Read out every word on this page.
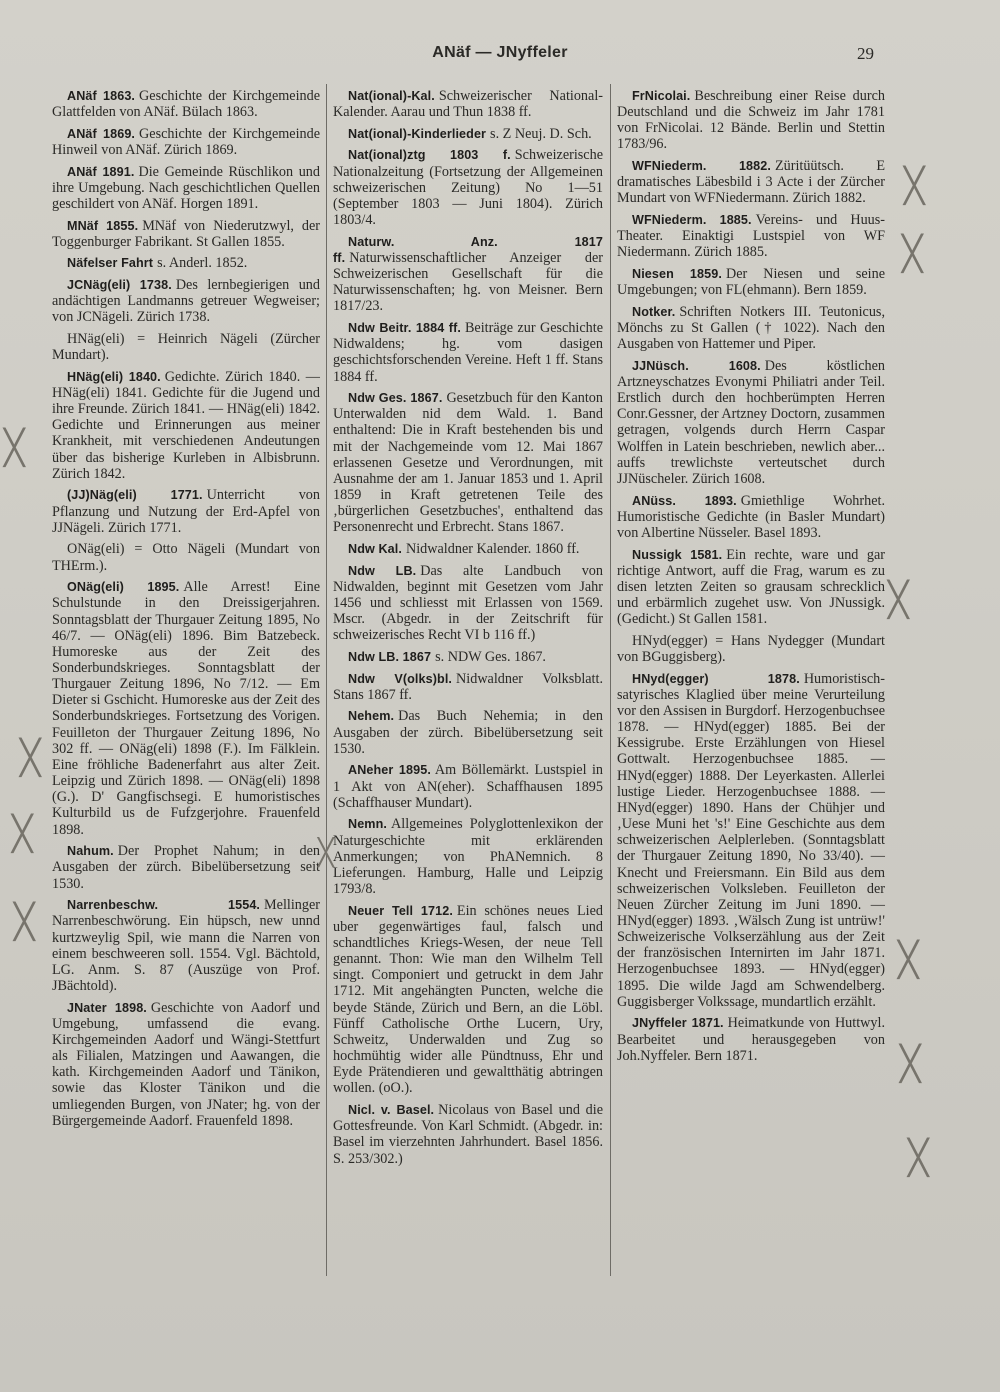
ANäf — JNyffeler	29

ANäf 1863. Geschichte der Kirchgemeinde Glattfelden von ANäf. Bülach 1863.

ANäf 1869. Geschichte der Kirchgemeinde Hinweil von ANäf. Zürich 1869.

ANäf 1891. Die Gemeinde Rüschlikon und ihre Umgebung. Nach geschichtlichen Quellen geschildert von ANäf. Horgen 1891.

MNäf 1855. MNäf von Niederutzwyl, der Toggenburger Fabrikant. St Gallen 1855.

Näfelser Fahrt s. Anderl. 1852.

JCNäg(eli) 1738. Des lernbegierigen und andächtigen Landmanns getreuer Wegweiser; von JCNägeli. Zürich 1738.

HNäg(eli) = Heinrich Nägeli (Zürcher Mundart).

HNäg(eli) 1840. Gedichte. Zürich 1840. — HNäg(eli) 1841. Gedichte für die Jugend und ihre Freunde. Zürich 1841. — HNäg(eli) 1842. Gedichte und Erinnerungen aus meiner Krankheit, mit verschiedenen Andeutungen über das bisherige Kurleben in Albisbrunn. Zürich 1842.

(JJ)Näg(eli) 1771. Unterricht von Pflanzung und Nutzung der Erd-Apfel von JJNägeli. Zürich 1771.

ONäg(eli) = Otto Nägeli (Mundart von THErm.).

ONäg(eli) 1895. Alle Arrest! Eine Schulstunde in den Dreissigerjahren. Sonntagsblatt der Thurgauer Zeitung 1895, No 46/7. — ONäg(eli) 1896. Bim Batzebeck. Humoreske aus der Zeit des Sonderbundskrieges. Sonntagsblatt der Thurgauer Zeitung 1896, No 7/12. — Em Dieter si Gschicht. Humoreske aus der Zeit des Sonderbundskrieges. Fortsetzung des Vorigen. Feuilleton der Thurgauer Zeitung 1896, No 302 ff. — ONäg(eli) 1898 (F.). Im Fälklein. Eine fröhliche Badenerfahrt aus alter Zeit. Leipzig und Zürich 1898. — ONäg(eli) 1898 (G.). D' Gangfischsegi. E humoristisches Kulturbild us de Fufzgerjohre. Frauenfeld 1898.

Nahum. Der Prophet Nahum; in den Ausgaben der zürch. Bibelübersetzung seit 1530.

Narrenbeschw. 1554. Mellinger Narrenbeschwörung. Ein hüpsch, new unnd kurtzweylig Spil, wie mann die Narren von einem beschweeren soll. 1554. Vgl. Bächtold, LG. Anm. S. 87 (Auszüge von Prof. JBächtold).

JNater 1898. Geschichte von Aadorf und Umgebung, umfassend die evang. Kirchgemeinden Aadorf und Wängi-Stettfurt als Filialen, Matzingen und Aawangen, die kath. Kirchgemeinden Aadorf und Tänikon, sowie das Kloster Tänikon und die umliegenden Burgen, von JNater; hg. von der Bürgergemeinde Aadorf. Frauenfeld 1898.

Nat(ional)-Kal. Schweizerischer National-Kalender. Aarau und Thun 1838 ff.

Nat(ional)-Kinderlieder s. Z Neuj. D. Sch.

Nat(ional)ztg 1803 f. Schweizerische Nationalzeitung (Fortsetzung der Allgemeinen schweizerischen Zeitung) No 1—51 (September 1803 — Juni 1804). Zürich 1803/4.

Naturw. Anz. 1817 ff. Naturwissenschaftlicher Anzeiger der Schweizerischen Gesellschaft für die Naturwissenschaften; hg. von Meisner. Bern 1817/23.

Ndw Beitr. 1884 ff. Beiträge zur Geschichte Nidwaldens; hg. vom dasigen geschichtsforschenden Vereine. Heft 1 ff. Stans 1884 ff.

Ndw Ges. 1867. Gesetzbuch für den Kanton Unterwalden nid dem Wald. 1. Band enthaltend: Die in Kraft bestehenden bis und mit der Nachgemeinde vom 12. Mai 1867 erlassenen Gesetze und Verordnungen, mit Ausnahme der am 1. Januar 1853 und 1. April 1859 in Kraft getretenen Teile des ‚bürgerlichen Gesetzbuches', enthaltend das Personenrecht und Erbrecht. Stans 1867.

Ndw Kal. Nidwaldner Kalender. 1860 ff.

Ndw LB. Das alte Landbuch von Nidwalden, beginnt mit Gesetzen vom Jahr 1456 und schliesst mit Erlassen von 1569. Mscr. (Abgedr. in der Zeitschrift für schweizerisches Recht VI b 116 ff.)

Ndw LB. 1867 s. NDW Ges. 1867.

Ndw V(olks)bl. Nidwaldner Volksblatt. Stans 1867 ff.

Nehem. Das Buch Nehemia; in den Ausgaben der zürch. Bibelübersetzung seit 1530.

ANeher 1895. Am Böllemärkt. Lustspiel in 1 Akt von AN(eher). Schaffhausen 1895 (Schaffhauser Mundart).

Nemn. Allgemeines Polyglottenlexikon der Naturgeschichte mit erklärenden Anmerkungen; von PhANemnich. 8 Lieferungen. Hamburg, Halle und Leipzig 1793/8.

Neuer Tell 1712. Ein schönes neues Lied uber gegenwärtiges faul, falsch und schandtliches Kriegs-Wesen, der neue Tell genannt. Thon: Wie man den Wilhelm Tell singt. Componiert und getruckt in dem Jahr 1712. Mit angehängten Puncten, welche die beyde Stände, Zürich und Bern, an die Löbl. Fünff Catholische Orthe Lucern, Ury, Schweitz, Underwalden und Zug so hochmühtig wider alle Pündtnuss, Ehr und Eyde Prätendieren und gewaltthätig abtringen wollen. (oO.).

Nicl. v. Basel. Nicolaus von Basel und die Gottesfreunde. Von Karl Schmidt. (Abgedr. in: Basel im vierzehnten Jahrhundert. Basel 1856. S. 253/302.)

FrNicolai. Beschreibung einer Reise durch Deutschland und die Schweiz im Jahr 1781 von FrNicolai. 12 Bände. Berlin und Stettin 1783/96.

WFNiederm. 1882. Züritüütsch. E dramatisches Läbesbild i 3 Acte i der Zürcher Mundart von WFNiedermann. Zürich 1882.

WFNiederm. 1885. Vereins- und Huus-Theater. Einaktigi Lustspiel von WF Niedermann. Zürich 1885.

Niesen 1859. Der Niesen und seine Umgebungen; von FL(ehmann). Bern 1859.

Notker. Schriften Notkers III. Teutonicus, Mönchs zu St Gallen († 1022). Nach den Ausgaben von Hattemer und Piper.

JJNüsch. 1608. Des köstlichen Artzneyschatzes Evonymi Philiatri ander Teil. Erstlich durch den hochberümpten Herren Conr.Gessner, der Artzney Doctorn, zusammen getragen, volgends durch Herrn Caspar Wolffen in Latein beschrieben, newlich aber... auffs trewlichste verteutschet durch JJNüscheler. Zürich 1608.

ANüss. 1893. Gmiethlige Wohrhet. Humoristische Gedichte (in Basler Mundart) von Albertine Nüsseler. Basel 1893.

Nussigk 1581. Ein rechte, ware und gar richtige Antwort, auff die Frag, warum es zu disen letzten Zeiten so grausam schrecklich und erbärmlich zugehet usw. Von JNussigk. (Gedicht.) St Gallen 1581.

HNyd(egger) = Hans Nydegger (Mundart von BGuggisberg).

HNyd(egger) 1878. Humoristisch-satyrisches Klaglied über meine Verurteilung vor den Assisen in Burgdorf. Herzogenbuchsee 1878. — HNyd(egger) 1885. Bei der Kessigrube. Erste Erzählungen von Hiesel Gottwalt. Herzogenbuchsee 1885. — HNyd(egger) 1888. Der Leyerkasten. Allerlei lustige Lieder. Herzogenbuchsee 1888. — HNyd(egger) 1890. Hans der Chühjer und ‚Uese Muni het 's!' Eine Geschichte aus dem schweizerischen Aelplerleben. (Sonntagsblatt der Thurgauer Zeitung 1890, No 33/40). — Knecht und Freiersmann. Ein Bild aus dem schweizerischen Volksleben. Feuilleton der Neuen Zürcher Zeitung im Juni 1890. — HNyd(egger) 1893. ‚Wälsch Zung ist untrüw!' Schweizerische Volkserzählung aus der Zeit der französischen Internirten im Jahr 1871. Herzogenbuchsee 1893. — HNyd(egger) 1895. Die wilde Jagd am Schwendelberg. Guggisberger Volkssage, mundartlich erzählt.

JNyffeler 1871. Heimatkunde von Huttwyl. Bearbeitet und herausgegeben von Joh.Nyffeler. Bern 1871.

╳
╳
╳
╳
╳
╳
╳
╳
╳
╳
╳
